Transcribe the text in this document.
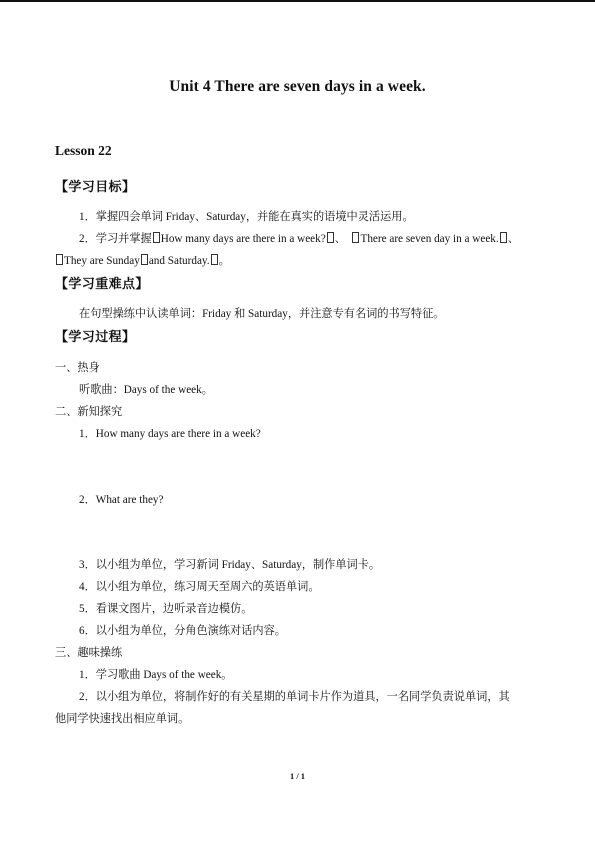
Unit 4 There are seven days in a week.
Lesson 22
【学习目标】
1．掌握四会单词 Friday、Saturday，并能在真实的语境中灵活运用。
2．学习并掌握 How many days are there in a week? 、 There are seven day in a week. 、
They are Sunday and Saturday. 。
【学习重难点】
在句型操练中认读单词：Friday 和 Saturday，并注意专有名词的书写特征。
【学习过程】
一、热身
听歌曲：Days of the week。
二、新知探究
1．How many days are there in a week?
2．What are they?
3．以小组为单位，学习新词 Friday、Saturday，制作单词卡。
4．以小组为单位，练习周天至周六的英语单词。
5．看课文图片，边听录音边模仿。
6．以小组为单位，分角色演练对话内容。
三、趣味操练
1．学习歌曲 Days of the week。
2．以小组为单位，将制作好的有关星期的单词卡片作为道具，一名同学负责说单词，其
他同学快速找出相应单词。
1 / 1
